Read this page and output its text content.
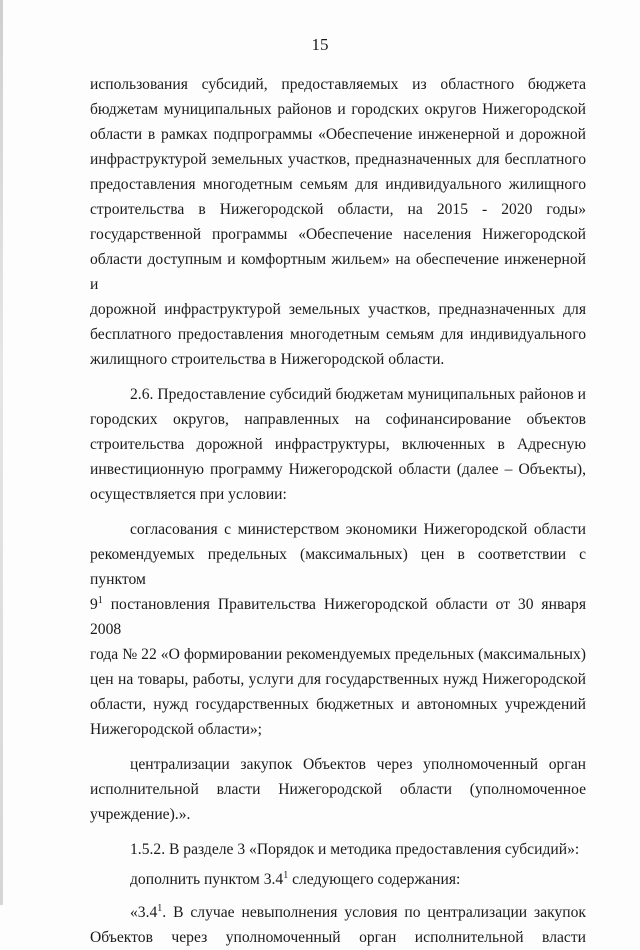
15

использования субсидий, предоставляемых из областного бюджета

бюджетам муниципальных районов и городских округов Нижегородской

области в рамках подпрограммы «Обеспечение инженерной и дорожной

инфраструктурой земельных участков, предназначенных для бесплатного

предоставления многодетным семьям для индивидуального жилищного

строительства в Нижегородской области, на 2015 - 2020 годы»

государственной программы «Обеспечение населения Нижегородской

области доступным и комфортным жильем» на обеспечение инженерной и

дорожной инфраструктурой земельных участков, предназначенных для

бесплатного предоставления многодетным семьям для индивидуального

жилищного строительства в Нижегородской области.

2.6. Предоставление субсидий бюджетам муниципальных районов и

городских округов, направленных на софинансирование объектов

строительства дорожной инфраструктуры, включенных в Адресную

инвестиционную программу Нижегородской области (далее – Объекты),

осуществляется при условии:

согласования с министерством экономики Нижегородской области

рекомендуемых предельных (максимальных) цен в соответствии с пунктом

$9^1$ постановления Правительства Нижегородской области от 30 января 2008

года № 22 «О формировании рекомендуемых предельных (максимальных)

цен на товары, работы, услуги для государственных нужд Нижегородской

области, нужд государственных бюджетных и автономных учреждений

Нижегородской области»;

централизации закупок Объектов через уполномоченный орган

исполнительной власти Нижегородской области (уполномоченное

учреждение).».

1.5.2. В разделе 3 «Порядок и методика предоставления субсидий»:

дополнить пунктом $3.4^1$ следующего содержания:

«$3.4^1$. В случае невыполнения условия по централизации закупок

Объектов через уполномоченный орган исполнительной власти
